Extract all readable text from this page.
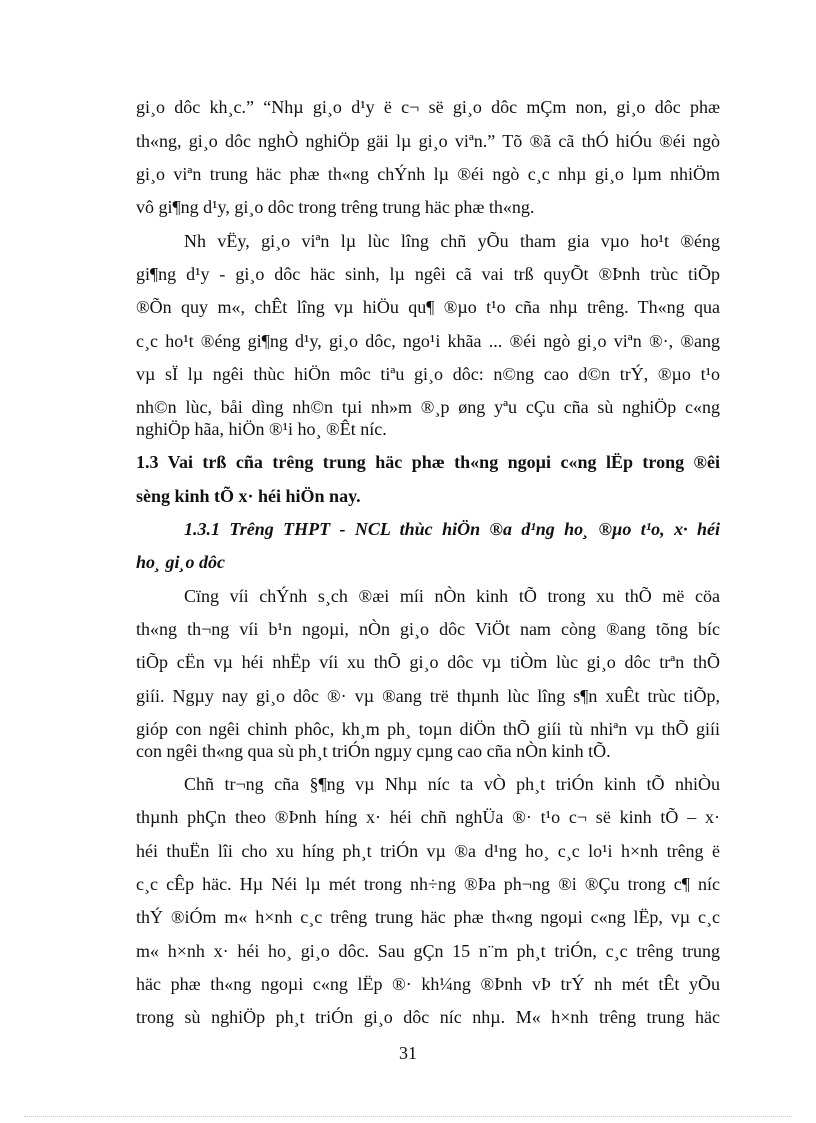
gi¸o dôc kh¸c.” “Nhµ gi¸o d¹y ë c¬ së gi¸o dôc mÇm non, gi¸o dôc phæ
th«ng, gi¸o dôc nghÒ nghiÖp gäi lµ gi¸o viªn.” Tõ ®ã cã thÓ hiÓu ®éi ngò
gi¸o viªn trung häc phæ th«ng chÝnh lµ ®éi ngò c¸c nhµ gi¸o lµm nhiÖm
vô gi¶ng d¹y, gi¸o dôc trong trêng trung häc phæ th«ng.
Nh vËy, gi¸o viªn lµ lùc lîng chñ yÕu tham gia vµo ho¹t ®éng
gi¶ng d¹y - gi¸o dôc häc sinh, lµ ngêi cã vai trß quyÕt ®Þnh trùc tiÕp
®Õn quy m«, chÊt lîng vµ hiÖu qu¶ ®µo t¹o cña nhµ trêng. Th«ng qua
c¸c ho¹t ®éng gi¶ng d¹y, gi¸o dôc, ngo¹i khãa ... ®éi ngò gi¸o viªn ®·, ®ang
vµ sÏ lµ ngêi thùc hiÖn môc tiªu gi¸o dôc: n©ng cao d©n trÝ, ®µo t¹o
nh©n lùc, båi dìng nh©n tµi nh»m ®¸p øng yªu cÇu cña sù nghiÖp c«ng
nghiÖp hãa, hiÖn ®¹i ho¸ ®Êt níc.
1.3 Vai trß cña trêng trung häc phæ th«ng ngoµi c«ng lËp trong ®êi
sèng kinh tÕ x· héi hiÖn nay.
1.3.1 Trêng THPT - NCL thùc hiÖn ®a d¹ng ho¸ ®µo t¹o, x· héi
ho¸ gi¸o dôc
Cïng víi chÝnh s¸ch ®æi míi nÒn kinh tÕ trong xu thÕ më cöa
th«ng th¬ng víi b¹n ngoµi, nÒn gi¸o dôc ViÖt nam còng ®ang tõng bíc
tiÕp cËn vµ héi nhËp víi xu thÕ gi¸o dôc vµ tiÒm lùc gi¸o dôc trªn thÕ
giíi. Ngµy nay gi¸o dôc ®· vµ ®ang trë thµnh lùc lîng s¶n xuÊt trùc tiÕp,
gióp con ngêi chinh phôc, kh¸m ph¸ toµn diÖn thÕ giíi tù nhiªn vµ thÕ giíi
con ngêi th«ng qua sù ph¸t triÓn ngµy cµng cao cña nÒn kinh tÕ.
Chñ tr¬ng cña §¶ng vµ Nhµ níc ta vÒ ph¸t triÓn kinh tÕ nhiÒu
thµnh phÇn theo ®Þnh híng x· héi chñ nghÜa ®· t¹o c¬ së kinh tÕ – x·
héi thuËn lîi cho xu híng ph¸t triÓn vµ ®a d¹ng ho¸ c¸c lo¹i h×nh trêng ë
c¸c cÊp häc. Hµ Néi lµ mét trong nh÷ng ®Þa ph¬ng ®i ®Çu trong c¶ níc
thÝ ®iÓm m« h×nh c¸c trêng trung häc phæ th«ng ngoµi c«ng lËp, vµ c¸c
m« h×nh x· héi ho¸ gi¸o dôc. Sau gÇn 15 n¨m ph¸t triÓn, c¸c trêng trung
häc phæ th«ng ngoµi c«ng lËp ®· kh¼ng ®Þnh vÞ trÝ nh mét tÊt yÕu
trong sù nghiÖp ph¸t triÓn gi¸o dôc níc nhµ. M« h×nh trêng trung häc
31
